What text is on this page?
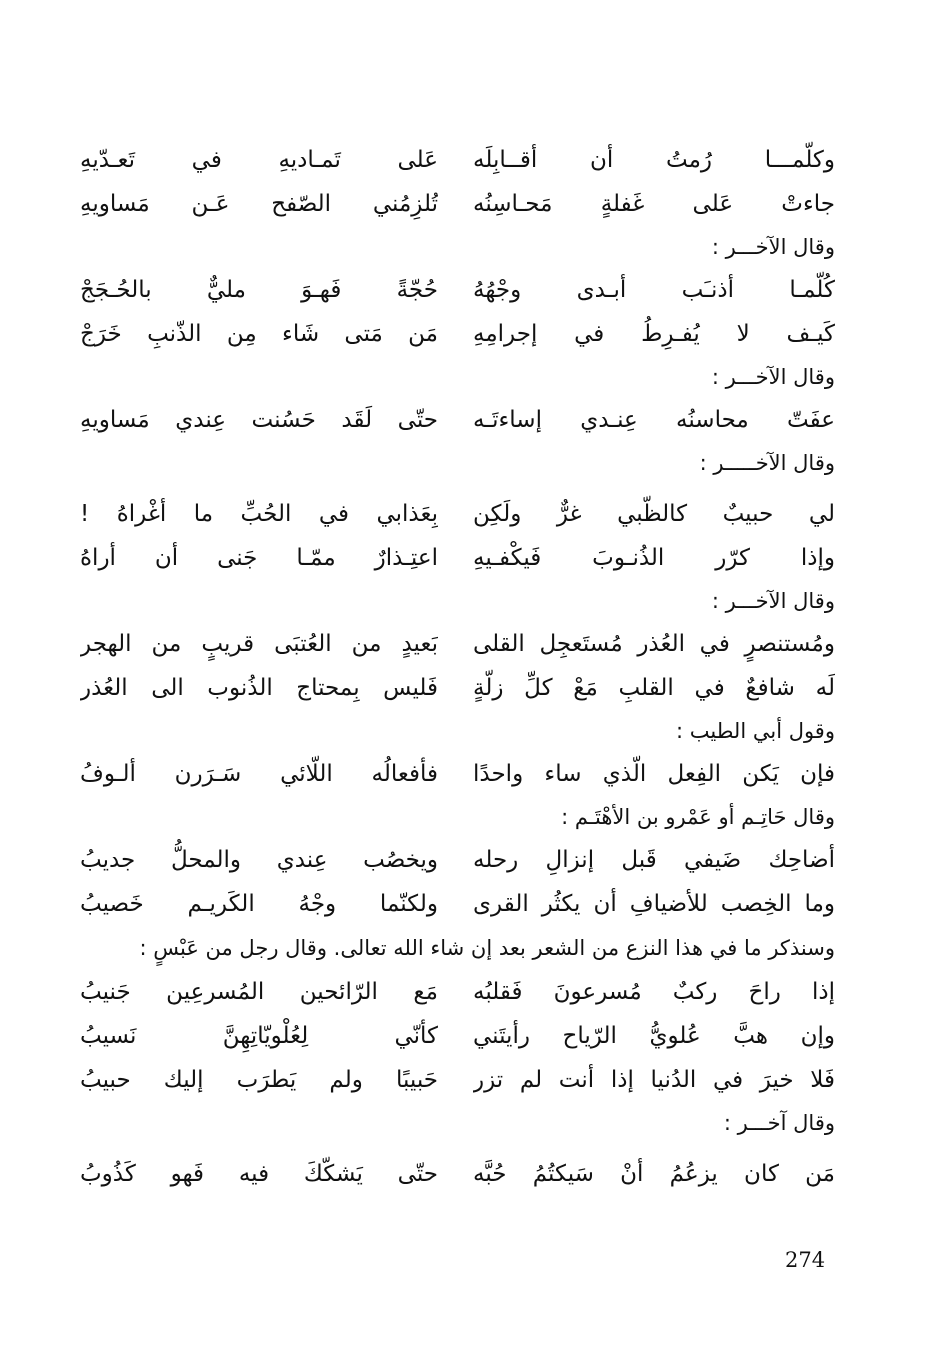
وكلّمـــا رُمتُ أن أقــابِلَه
عَلى تَمـاديهِ في تَعـدّيهِ
جاءتْ عَلى غَفلةٍ مَحـاسِنُه
تُلزِمُني الصّفح عَـن مَساويهِ
وقال الآخـــر :
كُلّمـا أذنـَب أبـدى وجْهُهُ
حُجّةً فَهـوَ مليٌّ بالحُـجَجْ
كَيـف لا يُفـرِطُ في إجرامِهِ
مَن مَتى شَاء مِن الذّنبِ خَرَجْ
وقال الآخـــر :
عفَتّ محاسنُه عِنـدي إساءتَـه
حتّى لَقَد حَسُنت عِندي مَساويهِ
وقال الآخـــــر :
لي حبيبٌ كالظّبي غرٌّ ولَكِن
بِعَذابي في الحُبِّ ما أغْراهُ !
وإذا كرّر الذُنـوبَ فَيكْفـيهِ
اعتِـذارٌ ممّـا جَنى أن أراهُ
وقال الآخـــر :
ومُستنصرٍ في العُذر مُستَعجِل القلى
بَعيدٍ من العُتبَى قريبٍ من الهجر
لَه شافعٌ في القلبِ مَعْ كلِّ زلّةٍ
فَليس بِمحتاج الذُنوب الى العُذر
وقول أبي الطيب :
فإن يَكن الفِعل الّذي ساء واحدًا
فأفعالُه اللّائي سَـرَرن ألـوفُ
وقال حَاتِـم أو عَمْرو بن الأهْتَـم :
أضاحِك ضَيفي قَبل إنزالِ رحله
ويخصُب عِندي والمحلُّ جديبُ
وما الخِصب للأضيافِ أن يكثُر القرى
ولكنّما وجْهُ الكَريـم خَصيبُ
وسنذكر ما في هذا النزع من الشعر بعد إن شاء الله تعالى. وقال رجل من عَبْسٍ :
إذا راحَ ركبٌ مُسرعونَ فَقلبُه
مَع الرّائحين المُسرعِين جَنيبُ
وإن هبَّ عُلويُّ الرّياح رأيتَني
كأنّي لِعُلْويّاتِهِنَّ نَسيبُ
فَلا خيرَ في الدُنيا إذا أنت لم تزر
حَبيبًا ولم يَطرَب إليك حبيبُ
وقال آخـــر :
مَن كان يزعُمُ أنْ سَيكتُمُ حُبَّه
حتّى يَشكّكَ فيه فَهو كَذُوبُ
274
